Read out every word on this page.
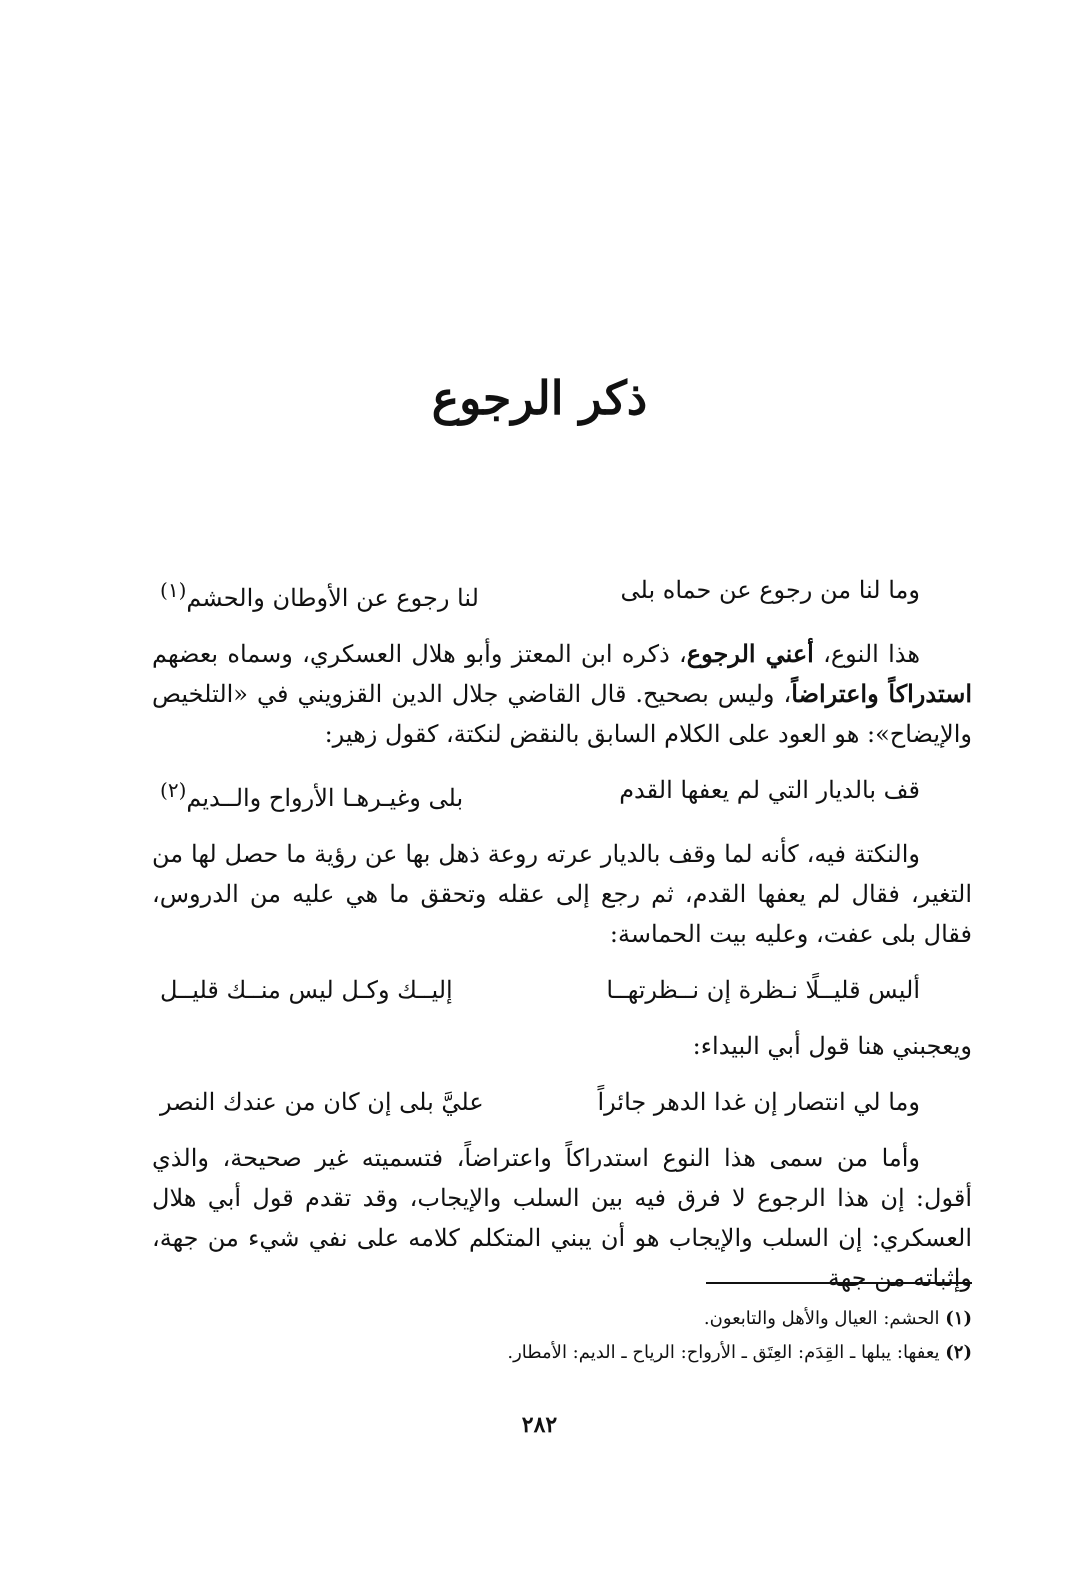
ذكر الرجوع
وما لنا من رجوع عن حماه بلى
لنا رجوع عن الأوطان والحشم$^{(١)}$

هذا النوع، أعني الرجوع، ذكره ابن المعتز وأبو هلال العسكري، وسماه بعضهم استدراكاً واعتراضاً، وليس بصحيح. قال القاضي جلال الدين القزويني في «التلخيص والإيضاح»: هو العود على الكلام السابق بالنقض لنكتة، كقول زهير:

قف بالديار التي لم يعفها القدم
بلى وغيـرهـا الأرواح والــديم$^{(٢)}$

والنكتة فيه، كأنه لما وقف بالديار عرته روعة ذهل بها عن رؤية ما حصل لها من التغير، فقال لم يعفها القدم، ثم رجع إلى عقله وتحقق ما هي عليه من الدروس، فقال بلى عفت، وعليه بيت الحماسة:

أليس قليــلًا نـظرة إن نــظرتهــا
إليــك وكـل ليس منــك قليــل

ويعجبني هنا قول أبي البيداء:

وما لي انتصار إن غدا الدهر جائراً
عليَّ بلى إن كان من عندك النصر

وأما من سمى هذا النوع استدراكاً واعتراضاً، فتسميته غير صحيحة، والذي أقول: إن هذا الرجوع لا فرق فيه بين السلب والإيجاب، وقد تقدم قول أبي هلال العسكري: إن السلب والإيجاب هو أن يبني المتكلم كلامه على نفي شيء من جهة، وإثباته من جهة

(١) الحشم: العيال والأهل والتابعون.
(٢) يعفها: يبلها ـ القِدَم: العِتَق ـ الأرواح: الرياح ـ الديم: الأمطار.
٢٨٢
